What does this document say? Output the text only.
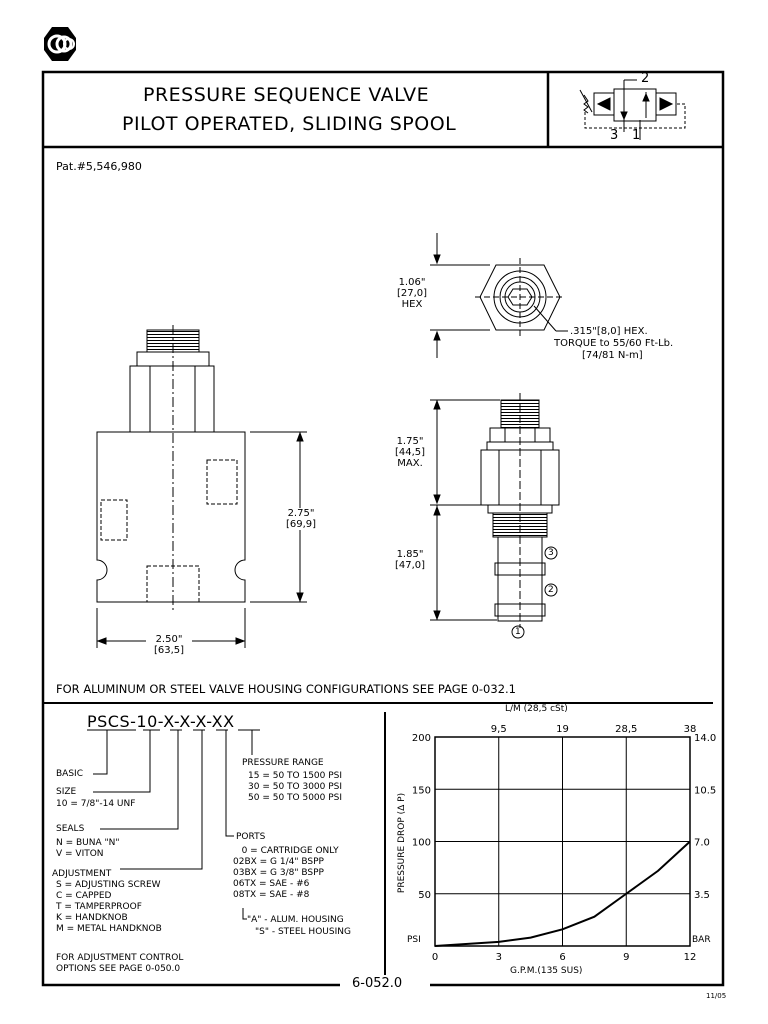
PRESSURE SEQUENCE VALVE
PILOT OPERATED, SLIDING SPOOL
2
3 1
Pat.#5,546,980
1.06"
[27,0]
HEX
.315"[8,0] HEX.
TORQUE to 55/60 Ft-Lb.
[74/81 N-m]
1.75"
[44,5]
MAX.
1.85"
[47,0]
3
2
1
2.75"
[69,9]
2.50"
[63,5]
FOR ALUMINUM OR STEEL VALVE HOUSING CONFIGURATIONS SEE PAGE 0-032.1
PSCS-10-X-X-X-XX
BASIC
SIZE
10 = 7/8"-14 UNF
SEALS
N = BUNA "N"
V = VITON
ADJUSTMENT
S = ADJUSTING SCREW
C = CAPPED
T = TAMPERPROOF
K = HANDKNOB
M = METAL HANDKNOB
FOR ADJUSTMENT CONTROL
OPTIONS SEE PAGE 0-050.0
PRESSURE RANGE
15 = 50 TO 1500 PSI
30 = 50 TO 3000 PSI
50 = 50 TO 5000 PSI
PORTS
0 = CARTRIDGE ONLY
02BX = G 1/4" BSPP
03BX = G 3/8" BSPP
06TX = SAE - #6
08TX = SAE - #8
"A" - ALUM. HOUSING
"S" - STEEL HOUSING
0	3	6	9	12
9,5	19	28,5	38
50
100
150
200
3.5
7.0
10.5
14.0
L/M (28,5 cSt)
G.P.M.(135 SUS)
PRESSURE DROP (Δ P)
PSI	BAR
6-052.0
11/05
